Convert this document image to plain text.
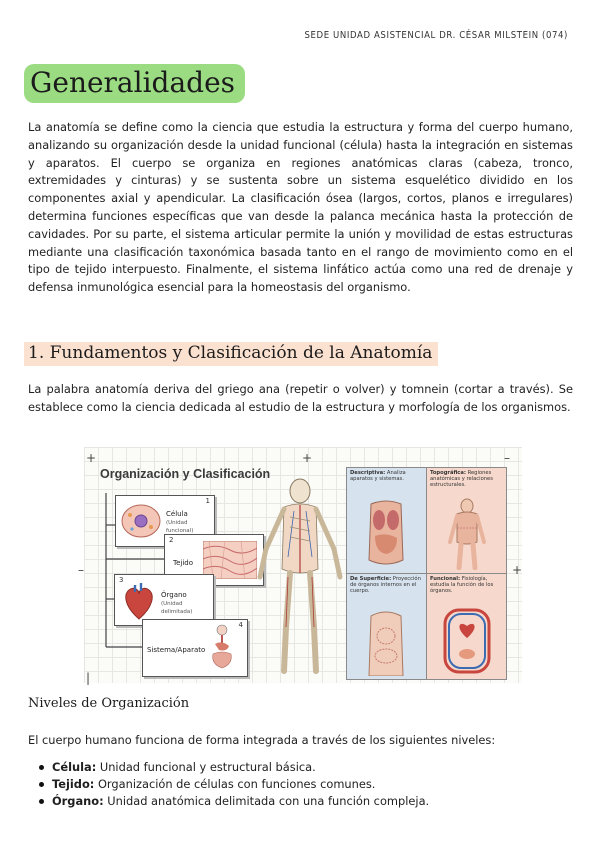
SEDE UNIDAD ASISTENCIAL DR. CÉSAR MILSTEIN (074)
Generalidades

La anatomía se define como la ciencia que estudia la estructura y forma del cuerpo humano, analizando su organización desde la unidad funcional (célula) hasta la integración en sistemas y aparatos. El cuerpo se organiza en regiones anatómicas claras (cabeza, tronco, extremidades y cinturas) y se sustenta sobre un sistema esquelético dividido en los componentes axial y apendicular. La clasificación ósea (largos, cortos, planos e irregulares) determina funciones específicas que van desde la palanca mecánica hasta la protección de cavidades. Por su parte, el sistema articular permite la unión y movilidad de estas estructuras mediante una clasificación taxonómica basada tanto en el rango de movimiento como en el tipo de tejido interpuesto. Finalmente, el sistema linfático actúa como una red de drenaje y defensa inmunológica esencial para la homeostasis del organismo.

1. Fundamentos y Clasificación de la Anatomía

La palabra anatomía deriva del griego ana (repetir o volver) y tomnein (cortar a través). Se establece como la ciencia dedicada al estudio de la estructura y morfología de los organismos.

+	+	–
–	+
|
Organización y Clasificación
1
Célula
(Unidad funcional)
2
Tejido
3
Órgano
(Unidad delimitada)
4
Sistema/Aparato
Descriptiva: Analiza aparatos y sistemas.
Topográfica: Regiones anatómicas y relaciones estructurales.
De Superficie: Proyección de órganos internos en el cuerpo.
Funcional: Fisiología, estudia la función de los órganos.
Niveles de Organización

El cuerpo humano funciona de forma integrada a través de los siguientes niveles:

Célula: Unidad funcional y estructural básica.
Tejido: Organización de células con funciones comunes.
Órgano: Unidad anatómica delimitada con una función compleja.
